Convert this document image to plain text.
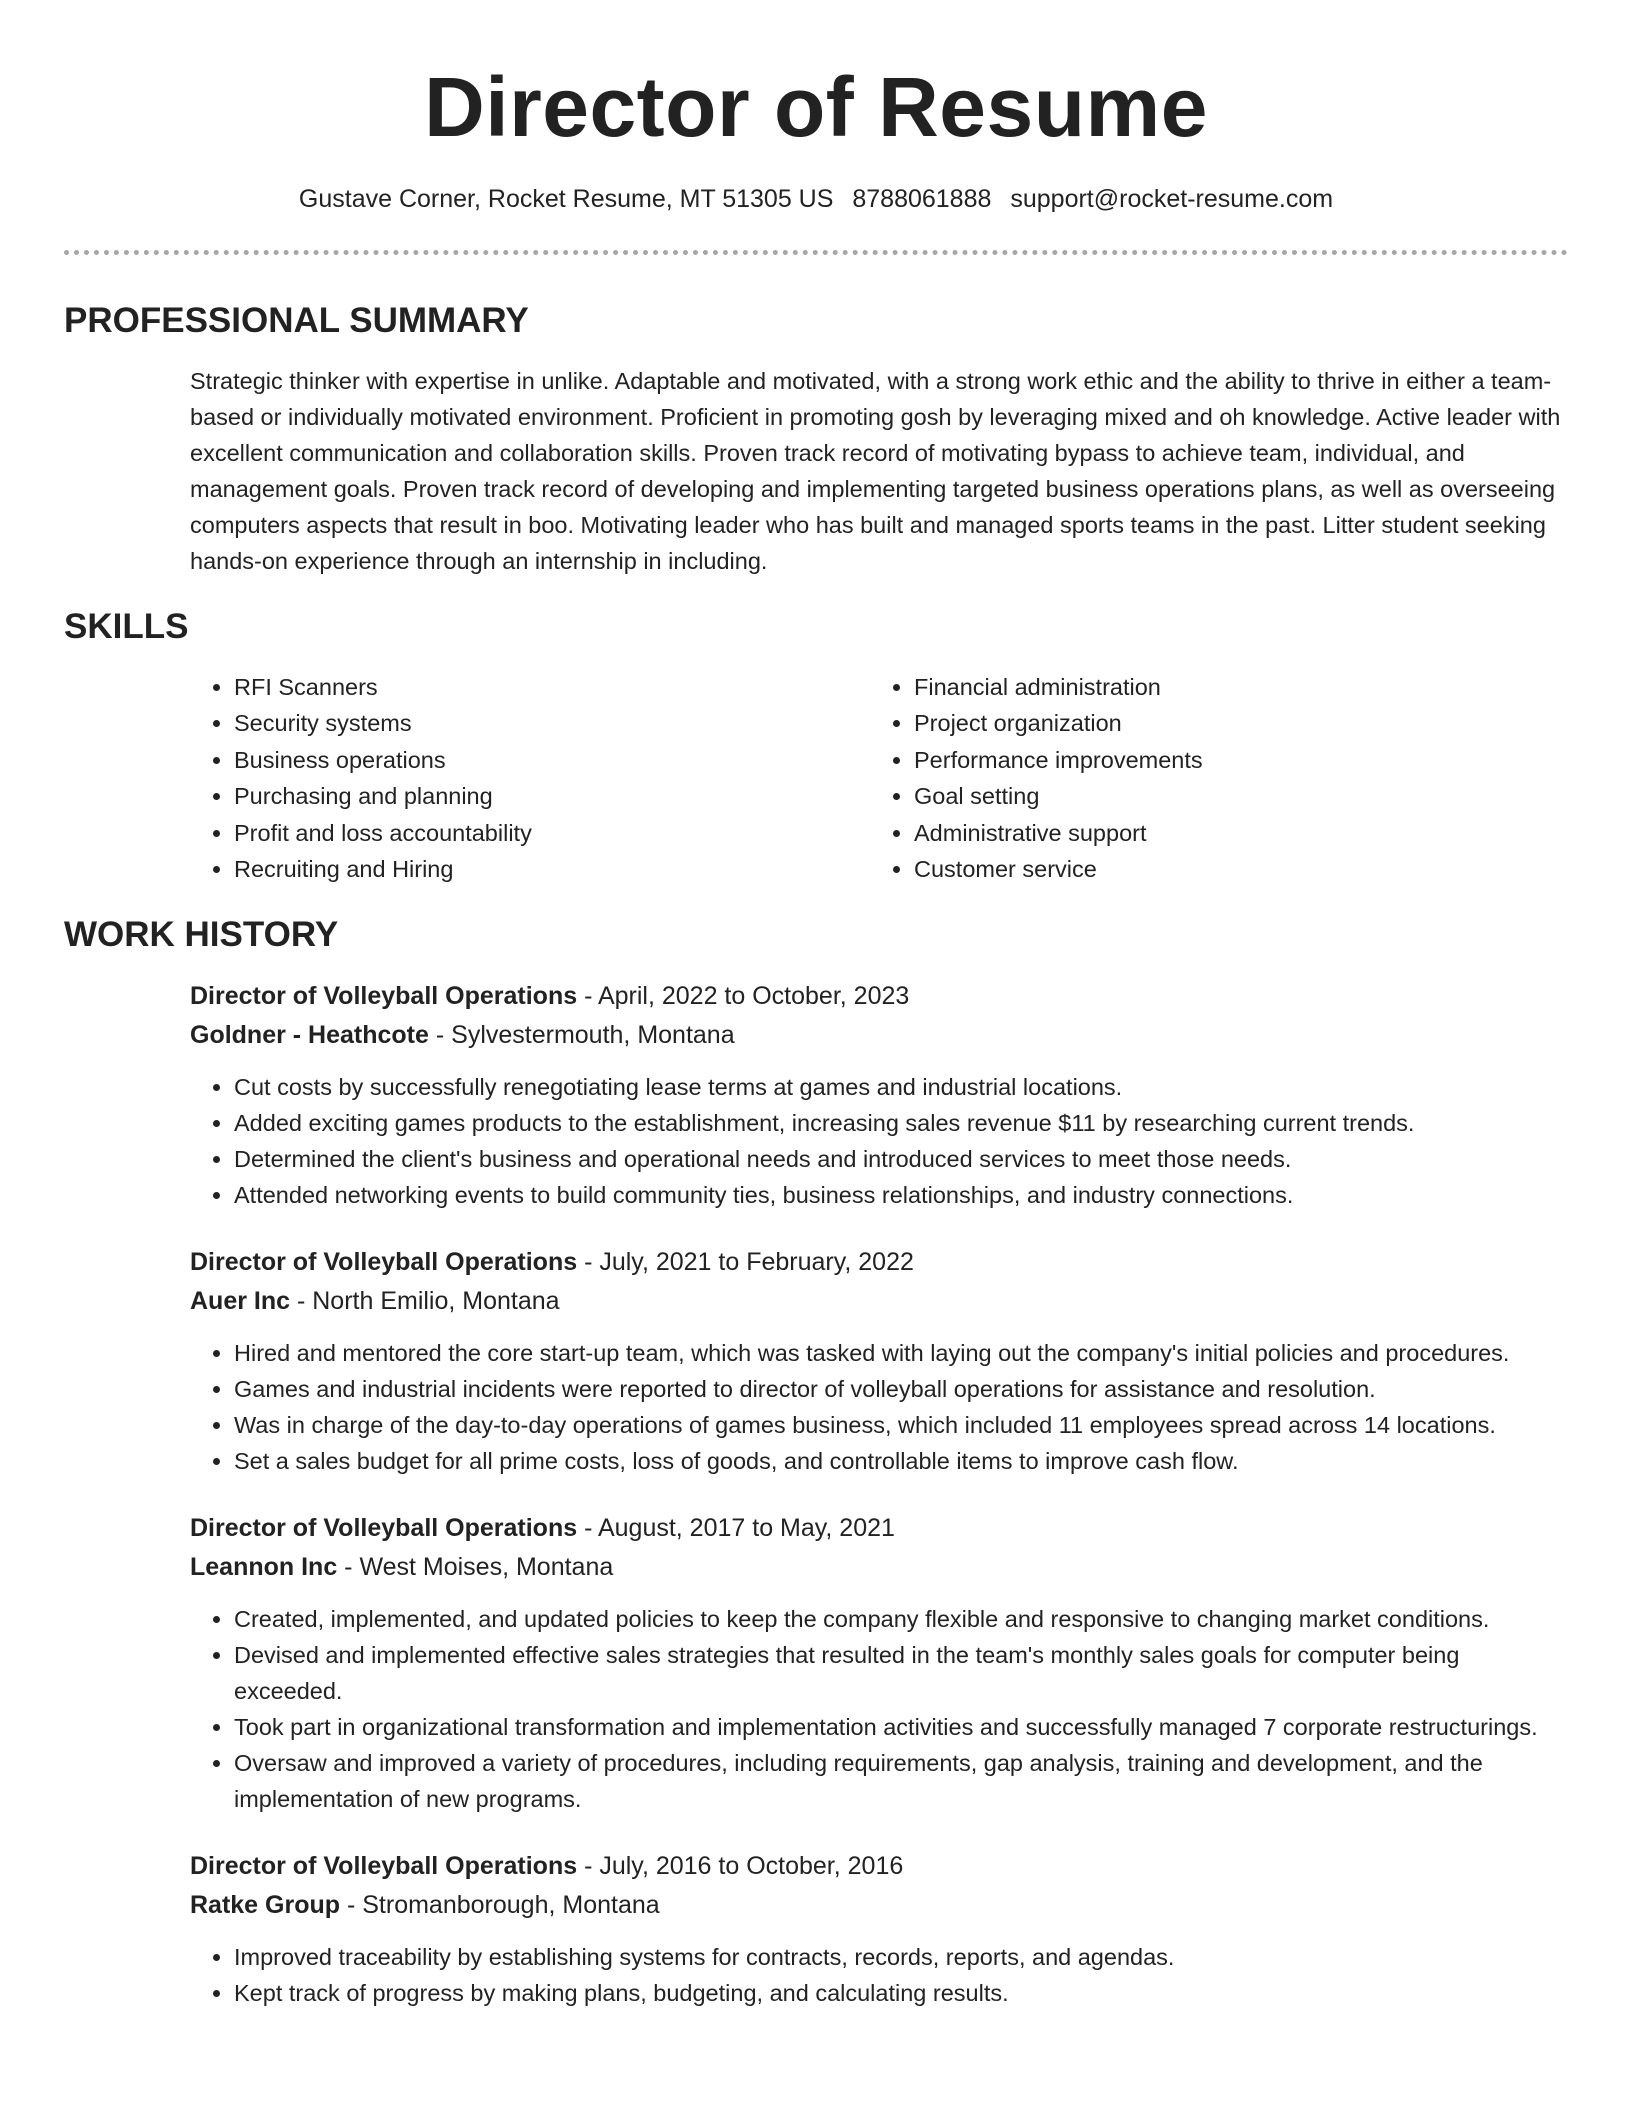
Director of Resume
Gustave Corner, Rocket Resume, MT 51305 US 8788061888 support@rocket-resume.com
PROFESSIONAL SUMMARY

Strategic thinker with expertise in unlike. Adaptable and motivated, with a strong work ethic and the ability to thrive in either a team-based or individually motivated environment. Proficient in promoting gosh by leveraging mixed and oh knowledge. Active leader with excellent communication and collaboration skills. Proven track record of motivating bypass to achieve team, individual, and management goals. Proven track record of developing and implementing targeted business operations plans, as well as overseeing computers aspects that result in boo. Motivating leader who has built and managed sports teams in the past. Litter student seeking hands-on experience through an internship in including.

SKILLS
• RFI Scanners
• Security systems
• Business operations
• Purchasing and planning
• Profit and loss accountability
• Recruiting and Hiring
• Financial administration
• Project organization
• Performance improvements
• Goal setting
• Administrative support
• Customer service
WORK HISTORY
Director of Volleyball Operations - April, 2022 to October, 2023
Goldner - Heathcote - Sylvestermouth, Montana
• Cut costs by successfully renegotiating lease terms at games and industrial locations.
• Added exciting games products to the establishment, increasing sales revenue $11 by researching current trends.
• Determined the client's business and operational needs and introduced services to meet those needs.
• Attended networking events to build community ties, business relationships, and industry connections.
Director of Volleyball Operations - July, 2021 to February, 2022
Auer Inc - North Emilio, Montana
• Hired and mentored the core start-up team, which was tasked with laying out the company's initial policies and procedures.
• Games and industrial incidents were reported to director of volleyball operations for assistance and resolution.
• Was in charge of the day-to-day operations of games business, which included 11 employees spread across 14 locations.
• Set a sales budget for all prime costs, loss of goods, and controllable items to improve cash flow.
Director of Volleyball Operations - August, 2017 to May, 2021
Leannon Inc - West Moises, Montana
• Created, implemented, and updated policies to keep the company flexible and responsive to changing market conditions.
• Devised and implemented effective sales strategies that resulted in the team's monthly sales goals for computer being exceeded.
• Took part in organizational transformation and implementation activities and successfully managed 7 corporate restructurings.
• Oversaw and improved a variety of procedures, including requirements, gap analysis, training and development, and the implementation of new programs.
Director of Volleyball Operations - July, 2016 to October, 2016
Ratke Group - Stromanborough, Montana
• Improved traceability by establishing systems for contracts, records, reports, and agendas.
• Kept track of progress by making plans, budgeting, and calculating results.
